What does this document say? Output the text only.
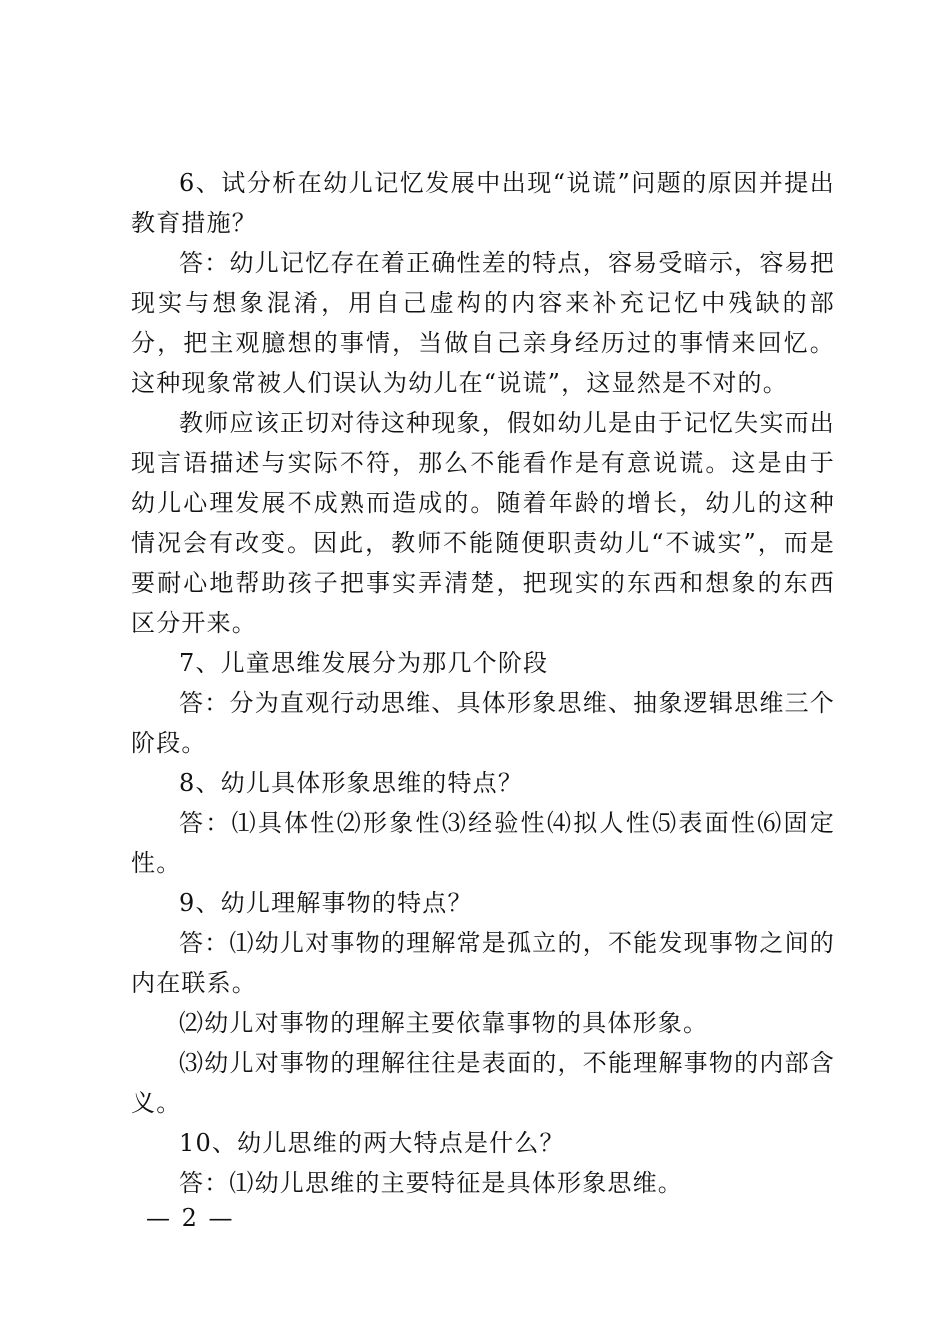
6、试分析在幼儿记忆发展中出现“说谎”问题的原因并提出教育措施？

答：幼儿记忆存在着正确性差的特点，容易受暗示，容易把现实与想象混淆，用自己虚构的内容来补充记忆中残缺的部分，把主观臆想的事情，当做自己亲身经历过的事情来回忆。这种现象常被人们误认为幼儿在“说谎”，这显然是不对的。

教师应该正切对待这种现象，假如幼儿是由于记忆失实而出现言语描述与实际不符，那么不能看作是有意说谎。这是由于幼儿心理发展不成熟而造成的。随着年龄的增长，幼儿的这种情况会有改变。因此，教师不能随便职责幼儿“不诚实”，而是要耐心地帮助孩子把事实弄清楚，把现实的东西和想象的东西区分开来。

7、儿童思维发展分为那几个阶段

答：分为直观行动思维、具体形象思维、抽象逻辑思维三个阶段。

8、幼儿具体形象思维的特点？

答：⑴具体性⑵形象性⑶经验性⑷拟人性⑸表面性⑹固定性。

9、幼儿理解事物的特点？

答：⑴幼儿对事物的理解常是孤立的，不能发现事物之间的内在联系。

⑵幼儿对事物的理解主要依靠事物的具体形象。

⑶幼儿对事物的理解往往是表面的，不能理解事物的内部含义。

10、幼儿思维的两大特点是什么？

答：⑴幼儿思维的主要特征是具体形象思维。

— 2 —
